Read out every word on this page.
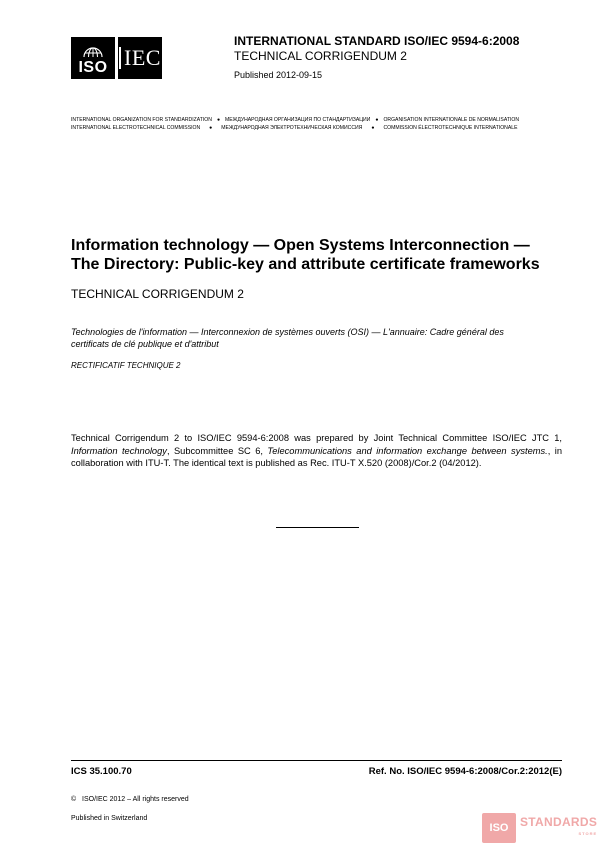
ISO IEC
INTERNATIONAL STANDARD ISO/IEC 9594-6:2008
TECHNICAL CORRIGENDUM 2
Published 2012-09-15
INTERNATIONAL ORGANIZATION FOR STANDARDIZATION ● МЕЖДУНАРОДНАЯ ОРГАНИЗАЦИЯ ПО СТАНДАРТИЗАЦИИ ● ORGANISATION INTERNATIONALE DE NORMALISATION
INTERNATIONAL ELECTROTECHNICAL COMMISSION ● МЕЖДУНАРОДНАЯ ЭЛЕКТРОТЕХНИЧЕСКАЯ КОМИССИЯ ● COMMISSION ÉLECTROTECHNIQUE INTERNATIONALE
Information technology — Open Systems Interconnection —
The Directory: Public-key and attribute certificate frameworks
TECHNICAL CORRIGENDUM 2
Technologies de l'information — Interconnexion de systèmes ouverts (OSI) — L'annuaire: Cadre général des
certificats de clé publique et d'attribut
RECTIFICATIF TECHNIQUE 2
Technical Corrigendum 2 to ISO/IEC 9594-6:2008 was prepared by Joint Technical Committee ISO/IEC JTC 1, Information technology, Subcommittee SC 6, Telecommunications and information exchange between systems., in collaboration with ITU-T. The identical text is published as Rec. ITU-T X.520 (2008)/Cor.2 (04/2012).
ICS 35.100.70	Ref. No. ISO/IEC 9594-6:2008/Cor.2:2012(E)
© ISO/IEC 2012 – All rights reserved
Published in Switzerland
ISO STANDARDS
STORE
